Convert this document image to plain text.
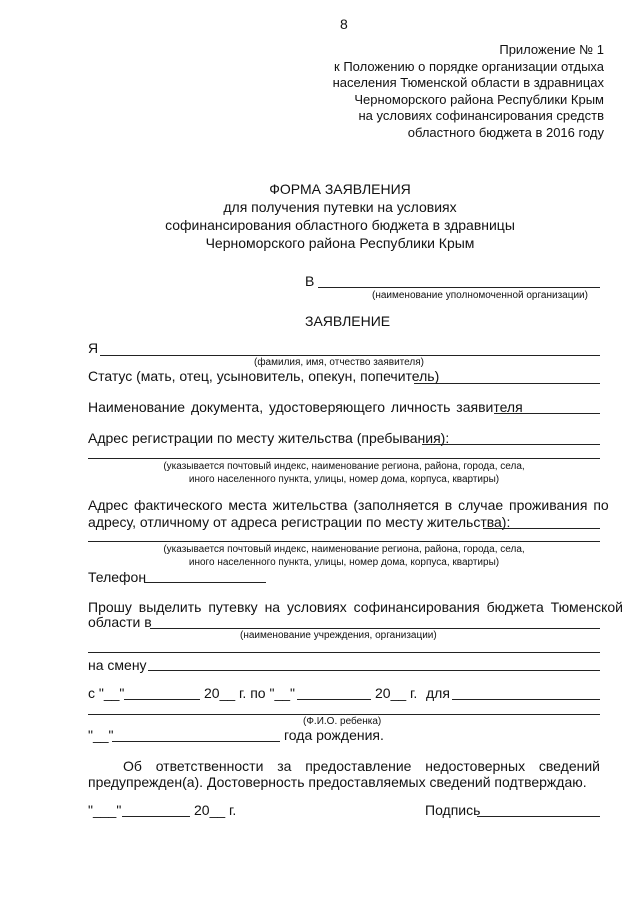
8
Приложение № 1
к Положению о порядке организации отдыха
населения Тюменской области в здравницах
Черноморского района Республики Крым
на условиях софинансирования средств
областного бюджета в 2016 году
ФОРМА ЗАЯВЛЕНИЯ
для получения путевки на условиях
софинансирования областного бюджета в здравницы
Черноморского района Республики Крым
В
(наименование уполномоченной организации)
ЗАЯВЛЕНИЕ
Я
(фамилия, имя, отчество заявителя)
Статус (мать, отец, усыновитель, опекун, попечитель)
Наименование документа, удостоверяющего личность заявителя
Адрес регистрации по месту жительства (пребывания):
(указывается почтовый индекс, наименование региона, района, города, села,
иного населенного пункта, улицы, номер дома, корпуса, квартиры)
Адрес фактического места жительства (заполняется в случае проживания по
адресу, отличному от адреса регистрации по месту жительства):
(указывается почтовый индекс, наименование региона, района, города, села,
иного населенного пункта, улицы, номер дома, корпуса, квартиры)
Телефон
Прошу выделить путевку на условиях софинансирования бюджета Тюменской
области в
(наименование учреждения, организации)
на смену
с "__"	20__ г. по "__"	20__ г. для
(Ф.И.О. ребенка)
"__"	года рождения.
Об ответственности за предоставление недостоверных сведений
предупрежден(а). Достоверность предоставляемых сведений подтверждаю.
"___"	20__ г.	Подпись
